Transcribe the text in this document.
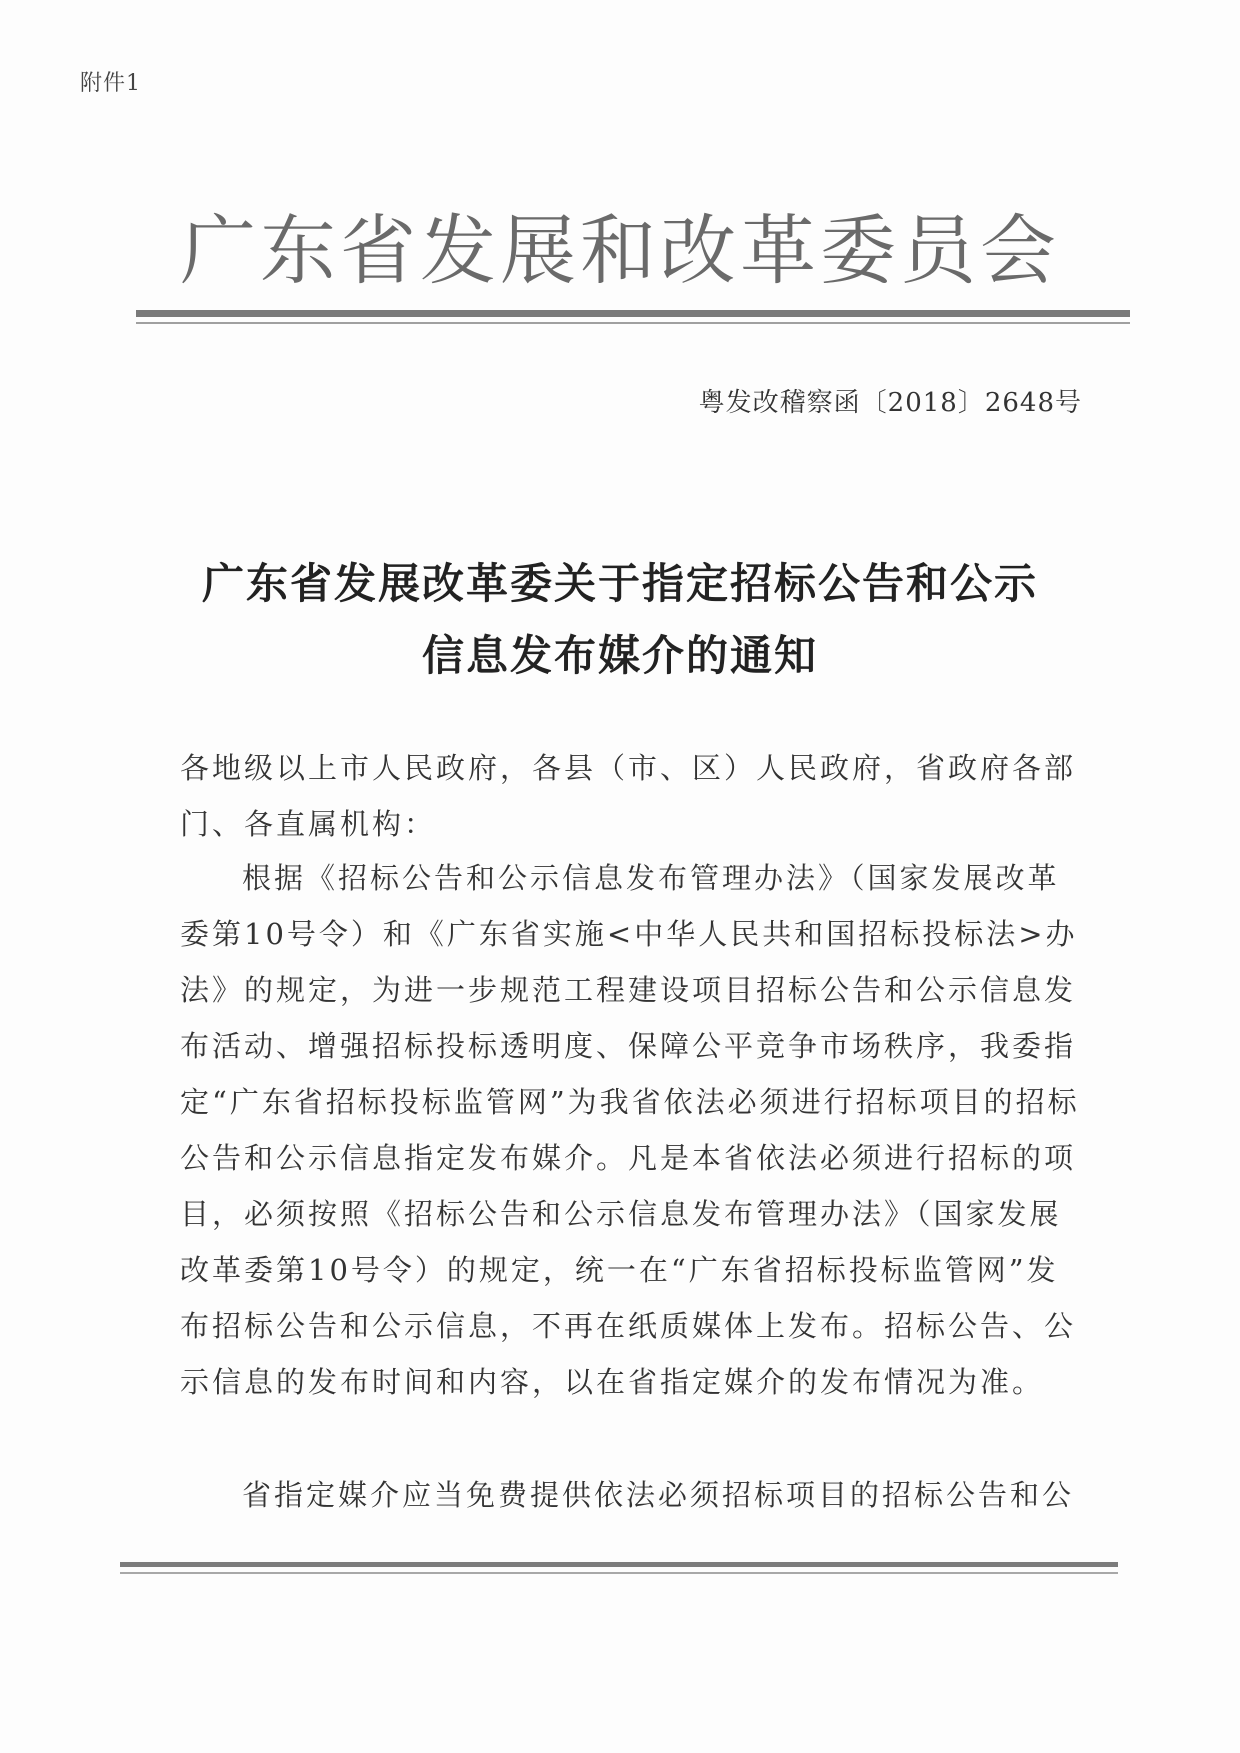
附件1
广东省发展和改革委员会
粤发改稽察函〔2018〕2648号
广东省发展改革委关于指定招标公告和公示
信息发布媒介的通知

各地级以上市人民政府，各县（市、区）人民政府，省政府各部门、各直属机构：

根据《招标公告和公示信息发布管理办法》（国家发展改革委第10号令）和《广东省实施<中华人民共和国招标投标法>办法》的规定，为进一步规范工程建设项目招标公告和公示信息发布活动、增强招标投标透明度、保障公平竞争市场秩序，我委指定“广东省招标投标监管网”为我省依法必须进行招标项目的招标公告和公示信息指定发布媒介。凡是本省依法必须进行招标的项目，必须按照《招标公告和公示信息发布管理办法》（国家发展改革委第10号令）的规定，统一在“广东省招标投标监管网”发布招标公告和公示信息，不再在纸质媒体上发布。招标公告、公示信息的发布时间和内容，以在省指定媒介的发布情况为准。

省指定媒介应当免费提供依法必须招标项目的招标公告和公
